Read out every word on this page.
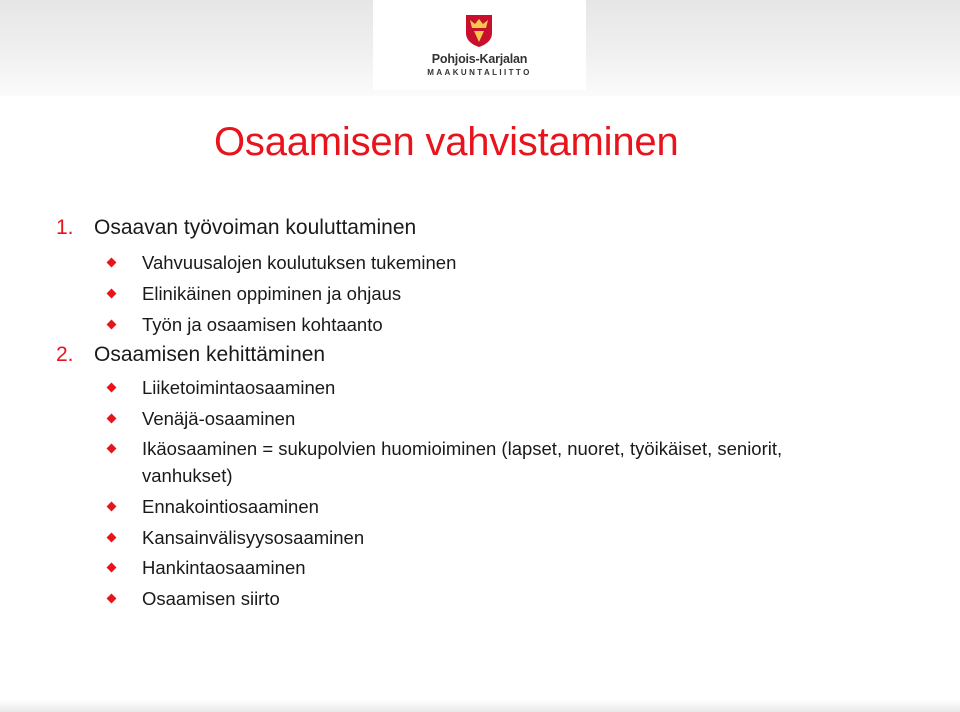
Pohjois-Karjalan
MAAKUNTALIITTO
Osaamisen vahvistaminen
1. Osaavan työvoiman kouluttaminen
Vahvuusalojen koulutuksen tukeminen
Elinikäinen oppiminen ja ohjaus
Työn ja osaamisen kohtaanto
2. Osaamisen kehittäminen
Liiketoimintaosaaminen
Venäjä-osaaminen
Ikäosaaminen = sukupolvien huomioiminen (lapset, nuoret, työikäiset, seniorit,
vanhukset)
Ennakointiosaaminen
Kansainvälisyysosaaminen
Hankintaosaaminen
Osaamisen siirto
